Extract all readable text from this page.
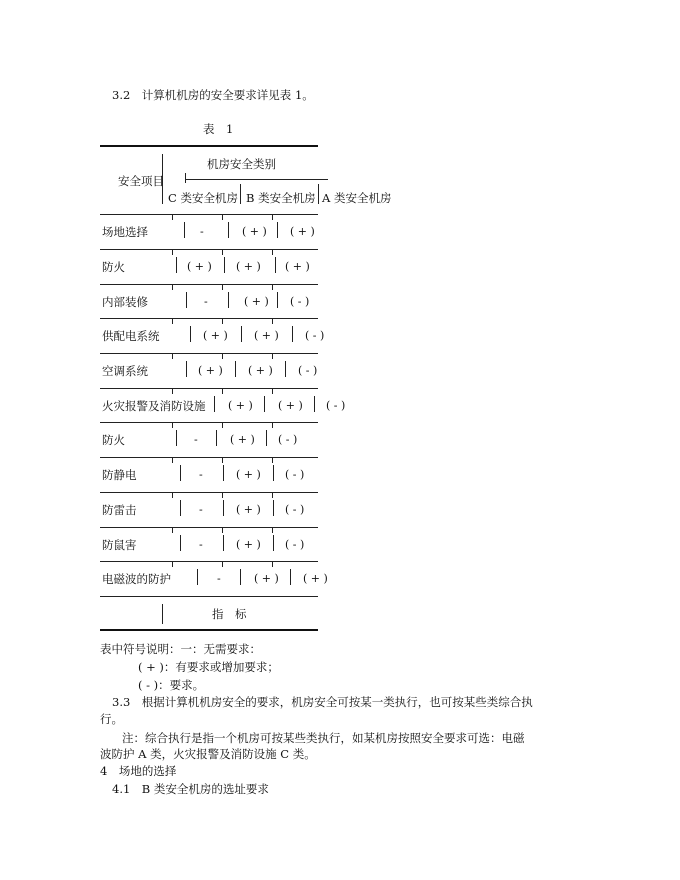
3.2　计算机机房的安全要求详见表 1。
表　1
机房安全类别
安全项目
C 类安全机房 B 类安全机房 A 类安全机房
场地选择	-	( + ) ( + )
防火	( + ) ( + ) ( + )
内部装修	-	( + ) ( - )
供配电系统	( + ) ( + ) ( - )
空调系统	( + ) ( + ) ( - )
火灾报警及消防设施 ( + ) ( + ) ( - )
防火	-	( + ) ( - )
防静电	-	( + ) ( - )
防雷击	-	( + ) ( - )
防鼠害	-	( + ) ( - )
电磁波的防护	-	( + ) ( + )
指　标
表中符号说明：一：无需要求：
( + )：有要求或增加要求；
( - )：要求。
3.3　根据计算机机房安全的要求，机房安全可按某一类执行，也可按某些类综合执
行。
注：综合执行是指一个机房可按某些类执行，如某机房按照安全要求可选：电磁
波防护 A 类，火灾报警及消防设施 C 类。
4　场地的选择
4.1　B 类安全机房的选址要求
